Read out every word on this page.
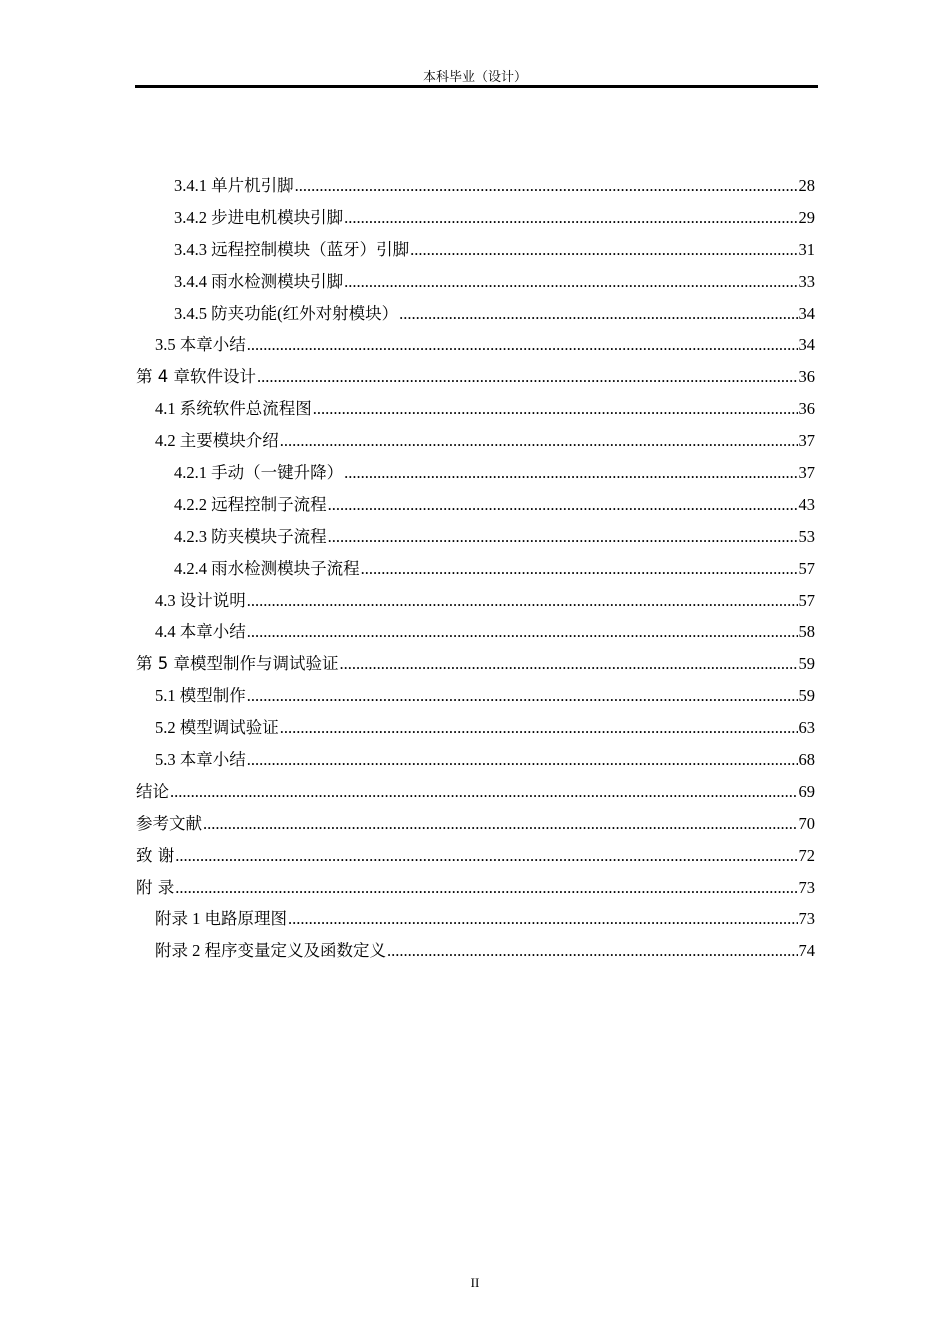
本科毕业（设计）
3.4.1 单片机引脚 .....	28
3.4.2 步进电机模块引脚 .....	29
3.4.3 远程控制模块（蓝牙）引脚 .....	31
3.4.4 雨水检测模块引脚 .....	33
3.4.5 防夹功能(红外对射模块） .....	34
3.5 本章小结 .....	34
第 4 章软件设计 .....	36
4.1 系统软件总流程图 .....	36
4.2 主要模块介绍 .....	37
4.2.1 手动（一键升降） .....	37
4.2.2 远程控制子流程 .....	43
4.2.3 防夹模块子流程 .....	53
4.2.4 雨水检测模块子流程 .....	57
4.3 设计说明 .....	57
4.4 本章小结 .....	58
第 5 章模型制作与调试验证 .....	59
5.1 模型制作 .....	59
5.2 模型调试验证 .....	63
5.3 本章小结 .....	68
结论 .....	69
参考文献 .....	70
致 谢 .....	72
附 录 .....	73
附录 1 电路原理图 .....	73
附录 2 程序变量定义及函数定义 .....	74
II
